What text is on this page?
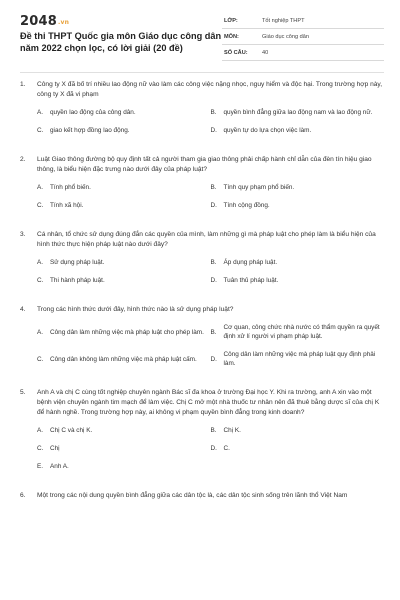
2048.vn
Đề thi THPT Quốc gia môn Giáo dục công dân năm 2022 chọn lọc, có lời giải (20 đề)
LỚP:	Tốt nghiệp THPT
MÔN:	Giáo dục công dân
SỐ CÂU:	40
1.	Công ty X đã bố trí nhiều lao động nữ vào làm các công việc nặng nhọc, nguy hiểm và độc hại. Trong trường hợp này, công ty X đã vi phạm
A.	quyền lao động của công dân.	B.	quyền bình đẳng giữa lao động nam và lao động nữ.
C.	giao kết hợp đồng lao động.	D.	quyền tự do lựa chọn việc làm.
2.	Luật Giao thông đường bộ quy định tất cả người tham gia giao thông phải chấp hành chỉ dẫn của đèn tín hiệu giao thông, là biểu hiện đặc trưng nào dưới đây của pháp luật?
A.	Tính phổ biến.	B.	Tính quy phạm phổ biến.
C.	Tính xã hội.	D.	Tính cộng đồng.
3.	Cá nhân, tổ chức sử dụng đúng đắn các quyền của mình, làm những gì mà pháp luật cho phép làm là biểu hiện của hình thức thực hiện pháp luật nào dưới đây?
A.	Sử dụng pháp luật.	B.	Áp dụng pháp luật.
C.	Thi hành pháp luật.	D.	Tuân thủ pháp luật.
4.	Trong các hình thức dưới đây, hình thức nào là sử dụng pháp luật?
A.	Công dân làm những việc mà pháp luật cho phép làm.	B.
Cơ quan, công chức nhà nước có thẩm quyền ra quyết định xử lí người vi phạm pháp luật.
C.	Công dân không làm những việc mà pháp luật cấm.	D.
Công dân làm những việc mà pháp luật quy định phải làm.
5.	Anh A và chị C cùng tốt nghiệp chuyên ngành Bác sĩ đa khoa ở trường Đại học Y. Khi ra trường, anh A xin vào một bệnh viện chuyên ngành tim mạch để làm việc. Chị C mở một nhà thuốc tư nhân nên đã thuê bằng dược sĩ của chị K để hành nghề. Trong trường hợp này, ai không vi phạm quyền bình đẳng trong kinh doanh?
A.	Chị C và chị K.	B.	Chị K.
C.	Chị	D.	C.
E.	Anh A.
6.	Một trong các nội dung quyền bình đẳng giữa các dân tộc là, các dân tộc sinh sống trên lãnh thổ Việt Nam
